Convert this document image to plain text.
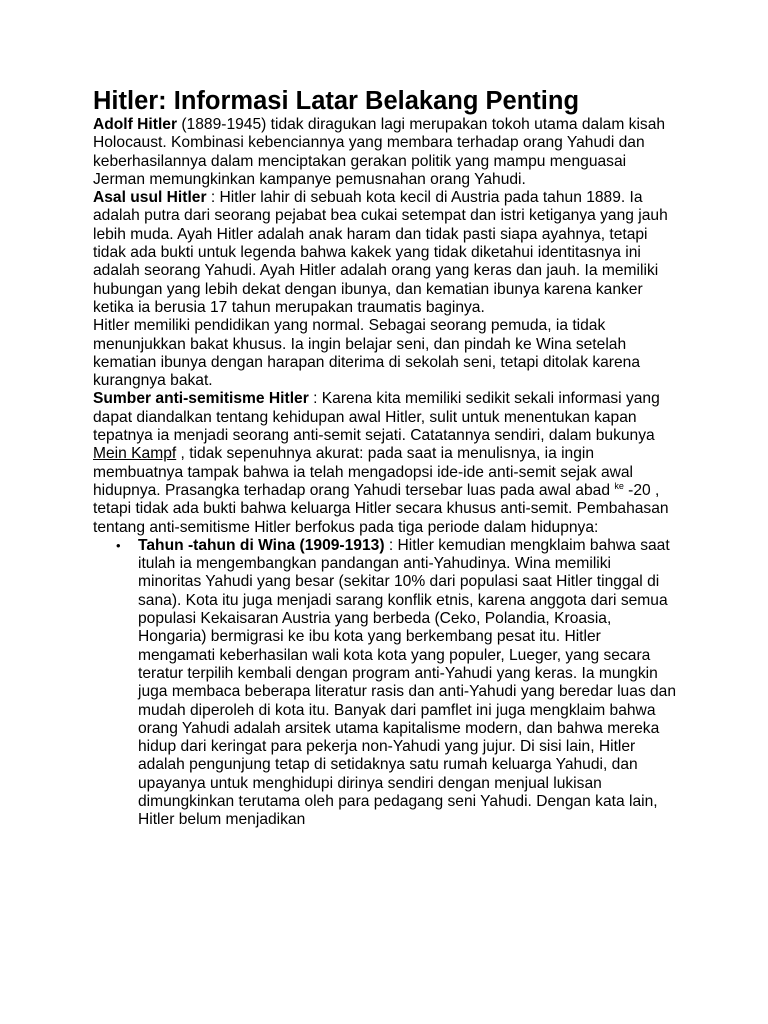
Hitler: Informasi Latar Belakang Penting

Adolf Hitler (1889-1945) tidak diragukan lagi merupakan tokoh utama dalam kisah Holocaust. Kombinasi kebenciannya yang membara terhadap orang Yahudi dan keberhasilannya dalam menciptakan gerakan politik yang mampu menguasai Jerman memungkinkan kampanye pemusnahan orang Yahudi.

Asal usul Hitler : Hitler lahir di sebuah kota kecil di Austria pada tahun 1889. Ia adalah putra dari seorang pejabat bea cukai setempat dan istri ketiganya yang jauh lebih muda. Ayah Hitler adalah anak haram dan tidak pasti siapa ayahnya, tetapi tidak ada bukti untuk legenda bahwa kakek yang tidak diketahui identitasnya ini adalah seorang Yahudi. Ayah Hitler adalah orang yang keras dan jauh. Ia memiliki hubungan yang lebih dekat dengan ibunya, dan kematian ibunya karena kanker ketika ia berusia 17 tahun merupakan traumatis baginya.

Hitler memiliki pendidikan yang normal. Sebagai seorang pemuda, ia tidak menunjukkan bakat khusus. Ia ingin belajar seni, dan pindah ke Wina setelah kematian ibunya dengan harapan diterima di sekolah seni, tetapi ditolak karena kurangnya bakat.

Sumber anti-semitisme Hitler : Karena kita memiliki sedikit sekali informasi yang dapat diandalkan tentang kehidupan awal Hitler, sulit untuk menentukan kapan tepatnya ia menjadi seorang anti-semit sejati. Catatannya sendiri, dalam bukunya Mein Kampf , tidak sepenuhnya akurat: pada saat ia menulisnya, ia ingin membuatnya tampak bahwa ia telah mengadopsi ide-ide anti-semit sejak awal hidupnya. Prasangka terhadap orang Yahudi tersebar luas pada awal abad $^{ke}$ -20 , tetapi tidak ada bukti bahwa keluarga Hitler secara khusus anti-semit. Pembahasan tentang anti-semitisme Hitler berfokus pada tiga periode dalam hidupnya:

• Tahun -tahun di Wina (1909-1913) : Hitler kemudian mengklaim bahwa saat itulah ia mengembangkan pandangan anti-Yahudinya. Wina memiliki minoritas Yahudi yang besar (sekitar 10% dari populasi saat Hitler tinggal di sana). Kota itu juga menjadi sarang konflik etnis, karena anggota dari semua populasi Kekaisaran Austria yang berbeda (Ceko, Polandia, Kroasia, Hongaria) bermigrasi ke ibu kota yang berkembang pesat itu. Hitler mengamati keberhasilan wali kota kota yang populer, Lueger, yang secara teratur terpilih kembali dengan program anti-Yahudi yang keras. Ia mungkin juga membaca beberapa literatur rasis dan anti-Yahudi yang beredar luas dan mudah diperoleh di kota itu. Banyak dari pamflet ini juga mengklaim bahwa orang Yahudi adalah arsitek utama kapitalisme modern, dan bahwa mereka hidup dari keringat para pekerja non-Yahudi yang jujur. Di sisi lain, Hitler adalah pengunjung tetap di setidaknya satu rumah keluarga Yahudi, dan upayanya untuk menghidupi dirinya sendiri dengan menjual lukisan dimungkinkan terutama oleh para pedagang seni Yahudi. Dengan kata lain, Hitler belum menjadikan
